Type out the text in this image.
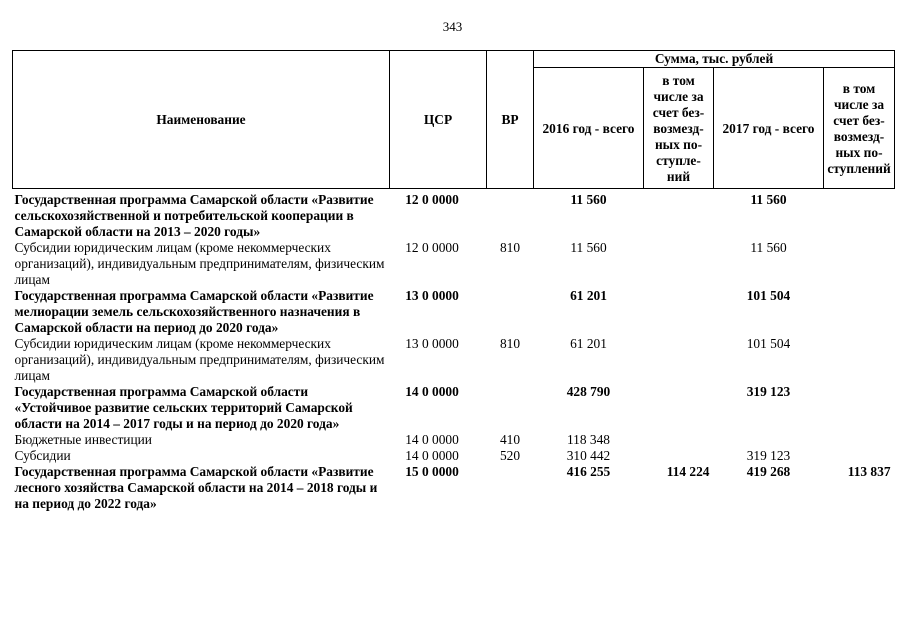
343
Наименование	ЦСР	ВР	Сумма, тыс. рублей			
			2016 год - всего	в том числе за счет без-возмезд-ных по-ступле-ний	2017 год - всего	в том числе за счет без-возмезд-ных по-ступлений
Государственная программа Самарской области «Развитие сельскохозяйственной и потребительской кооперации в Самарской области на 2013 – 2020 годы»	12 0 0000		11 560		11 560	
Субсидии юридическим лицам (кроме некоммерческих организаций), индивидуальным предпринимателям, физическим лицам	12 0 0000	810	11 560		11 560	
Государственная программа Самарской области «Развитие мелиорации земель сельскохозяйственного назначения в Самарской области на период до 2020 года»	13 0 0000		61 201		101 504	
Субсидии юридическим лицам (кроме некоммерческих организаций), индивидуальным предпринимателям, физическим лицам	13 0 0000	810	61 201		101 504	
Государственная программа Самарской области «Устойчивое развитие сельских территорий Самарской области на 2014 – 2017 годы и на период до 2020 года»	14 0 0000		428 790		319 123	
Бюджетные инвестиции	14 0 0000	410	118 348			
Субсидии	14 0 0000	520	310 442		319 123	
Государственная программа Самарской области «Развитие лесного хозяйства Самарской области на 2014 – 2018 годы и на период до 2022 года»	15 0 0000		416 255	114 224	419 268	113 837
